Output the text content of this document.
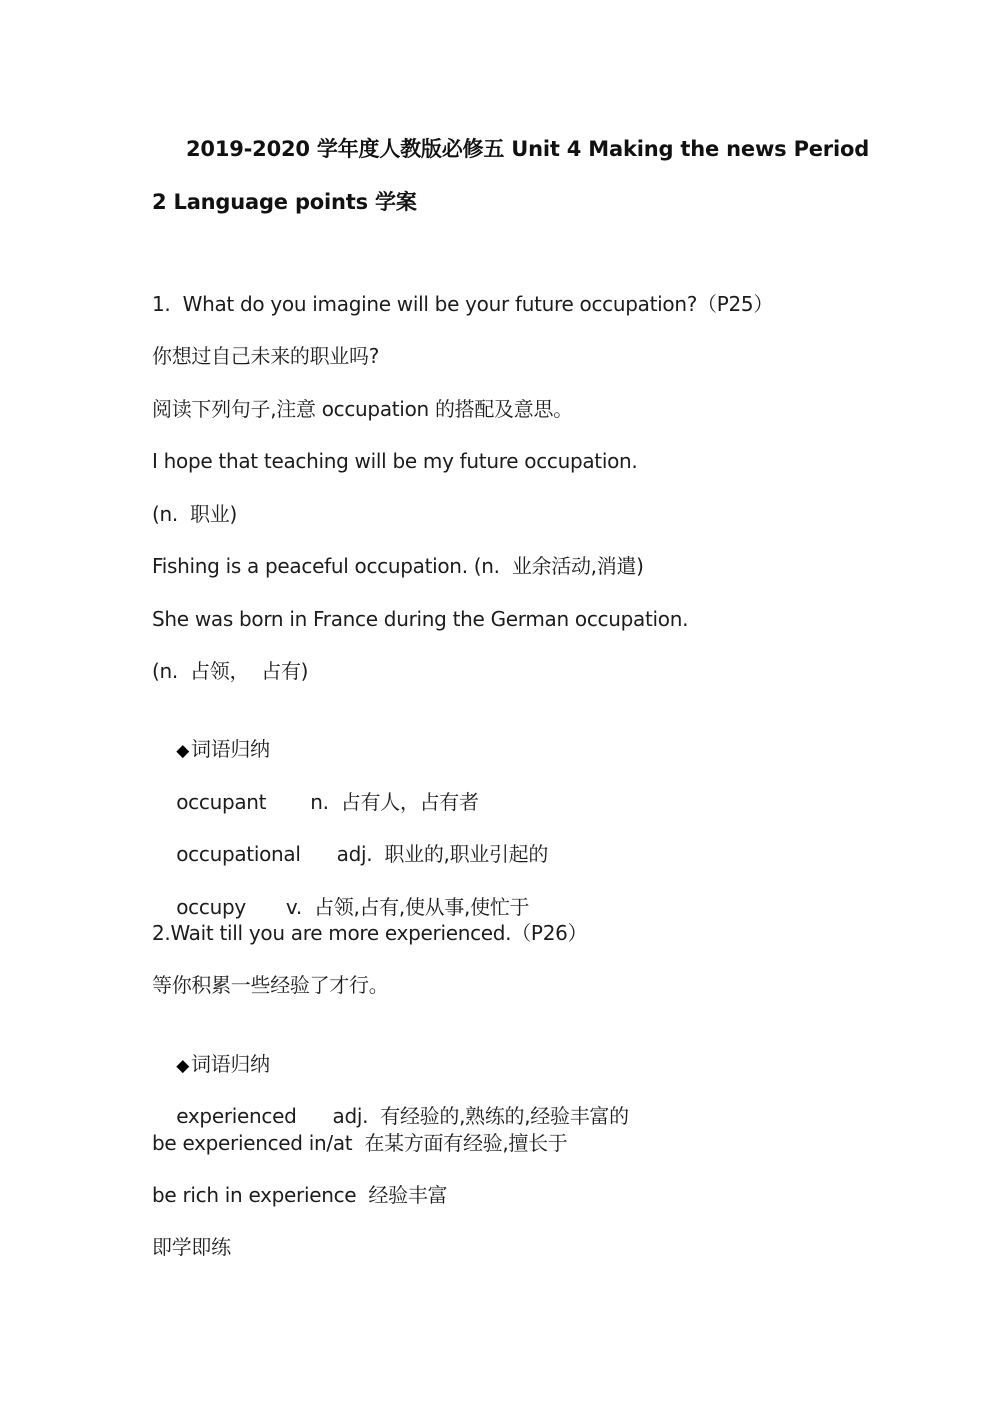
2019-2020 学年度人教版必修五 Unit 4 Making the news Period
2 Language points 学案
1.  What do you imagine will be your future occupation?（P25）
你想过自己未来的职业吗?
阅读下列句子,注意 occupation 的搭配及意思。
I hope that teaching will be my future occupation.
(n.  职业)
Fishing is a peaceful occupation. (n.  业余活动,消遣)
She was born in France during the German occupation.
(n.  占领，  占有)

◆ 词语归纳

occupant n. 占有人，占有者

occupational adj. 职业的,职业引起的

occupy v. 占领,占有,使从事,使忙于

2.Wait till you are more experienced.（P26）
等你积累一些经验了才行。

◆ 词语归纳

experienced adj. 有经验的,熟练的,经验丰富的

be experienced in/at  在某方面有经验,擅长于
be rich in experience  经验丰富
即学即练
